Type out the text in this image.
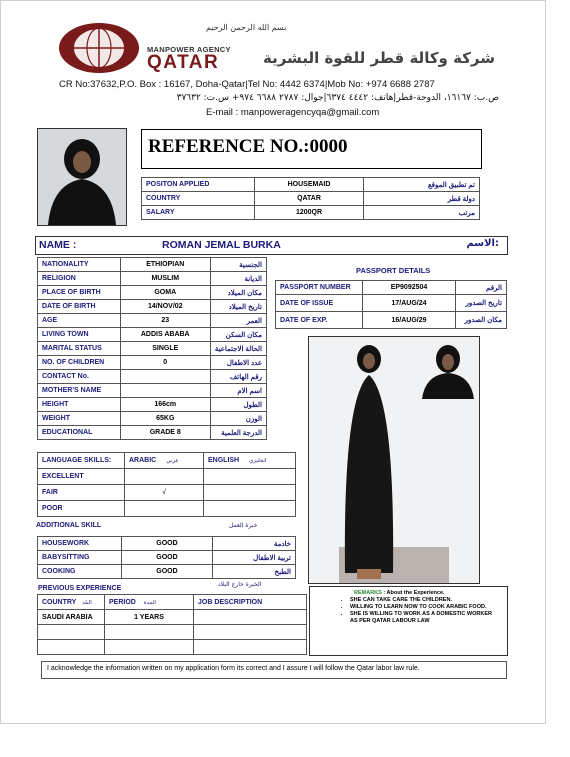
بسم الله الرحمن الرحيم
MANPOWER AGENCY
QATAR	شركة وكالة قطر للقوة البشرية
CR No:37632,P.O. Box : 16167, Doha-Qatar|Tel No: 4442 6374|Mob No: +974 6688 2787
ص.ب: ١٦١٦٧، الدوحة-قطر|هاتف: ٤٤٤٢ ٦٣٧٤|جوال: ٢٧٨٧ ٦٦٨٨ ٩٧٤+ س.ت: ٣٧٦٣٢
E-mail : manpoweragencyqa@gmail.com
REFERENCE NO.:0000
POSITON APPLIED	HOUSEMAID	تم تطبيق الموقع
COUNTRY	QATAR	دولة قطر
SALARY	1200QR	مرتب
NAME :	ROMAN JEMAL BURKA	الاسم:
NATIONALITY	ETHIOPIAN	الجنسية
RELIGION	MUSLIM	الديانة
PLACE OF BIRTH	GOMA	مكان الميلاد
DATE OF BIRTH	14/NOV/02	تاريخ الميلاد
AGE	23	العمر
LIVING TOWN	ADDIS ABABA	مكان السكن
MARITAL STATUS	SINGLE	الحالة الاجتماعية
NO. OF CHILDREN	0	عدد الاطفال
CONTACT No.		رقم الهاتف
MOTHER'S NAME		اسم الام
HEIGHT	166cm	الطول
WEIGHT	65KG	الوزن
EDUCATIONAL	GRADE 8	الدرجة العلمية
PASSPORT DETAILS
PASSPORT NUMBER	EP9092504	الرقم
DATE OF ISSUE	17/AUG/24	تاريخ الصدور
DATE OF EXP.	16/AUG/29	مكان الصدور
LANGUAGE SKILLS:	ARABIC عربي	ENGLISH انجليزي
EXCELLENT		
FAIR	√	
POOR		
ADDITIONAL SKILL	خبرة العمل
HOUSEWORK	GOOD	خادمة
BABYSITTING	GOOD	تربية الاطفال
COOKING	GOOD	الطبخ
PREVIOUS EXPERIENCE
الخبرة خارج البلاد
COUNTRY البلد	PERIOD المدة	JOB DESCRIPTION
SAUDI ARABIA	1 YEARS	

REMARKS : About the Experience.
• SHE CAN TAKE CARE THE CHILDREN.
• WILLING TO LEARN NOW TO COOK ARABIC FOOD.
• SHE IS WILLING TO WORK AS A DOMESTIC WORKER AS PER QATAR LABOUR LAW
I acknowledge the information written on my application form its correct and I assure I will follow the Qatar labor law rule.
